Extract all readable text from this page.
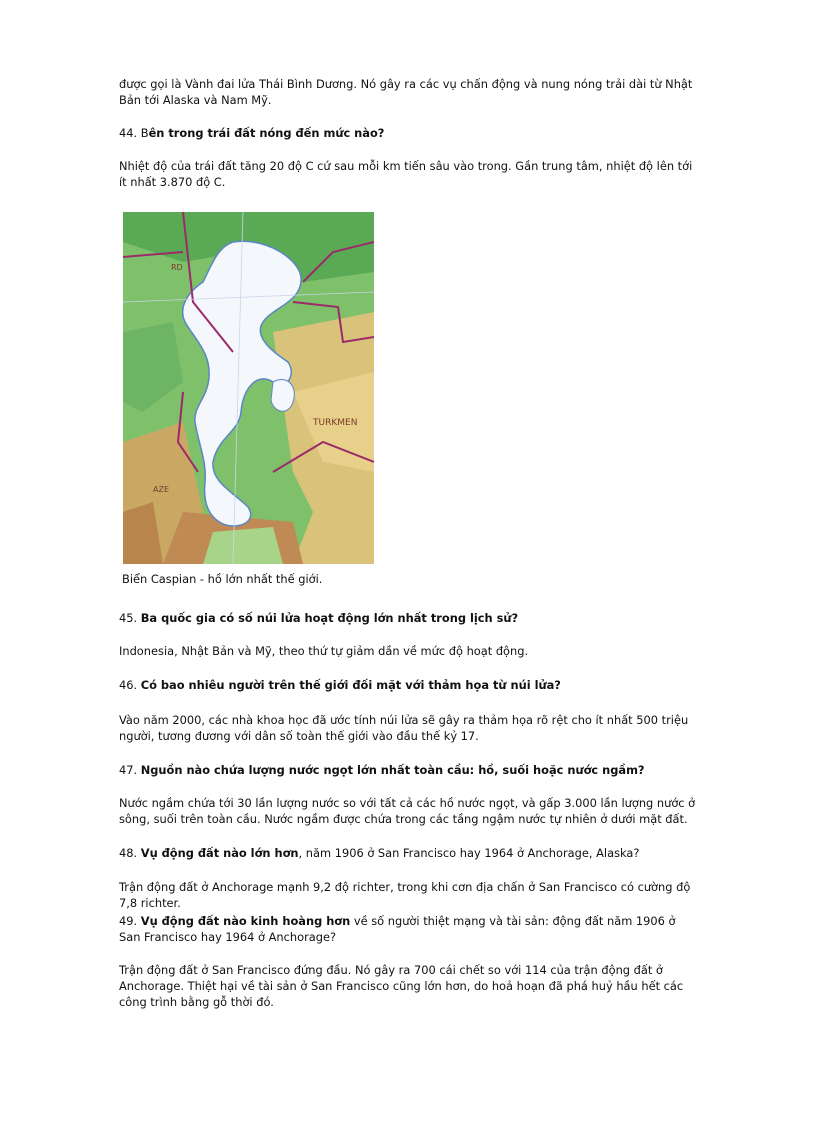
được gọi là Vành đai lửa Thái Bình Dương. Nó gây ra các vụ chấn động và nung nóng trải dài từ Nhật Bản tới Alaska và Nam Mỹ.

44. Bên trong trái đất nóng đến mức nào?

Nhiệt độ của trái đất tăng 20 độ C cứ sau mỗi km tiến sâu vào trong. Gần trung tâm, nhiệt độ lên tới ít nhất 3.870 độ C.

TURKMEN
AZE
RD

Biển Caspian - hồ lớn nhất thế giới.

45. Ba quốc gia có số núi lửa hoạt động lớn nhất trong lịch sử?

Indonesia, Nhật Bản và Mỹ, theo thứ tự giảm dần về mức độ hoạt động.

46. Có bao nhiêu người trên thế giới đối mặt với thảm họa từ núi lửa?

Vào năm 2000, các nhà khoa học đã ước tính núi lửa sẽ gây ra thảm họa rõ rệt cho ít nhất 500 triệu người, tương đương với dân số toàn thế giới vào đầu thế kỷ 17.

47. Nguồn nào chứa lượng nước ngọt lớn nhất toàn cầu: hồ, suối hoặc nước ngầm?

Nước ngầm chứa tới 30 lần lượng nước so với tất cả các hồ nước ngọt, và gấp 3.000 lần lượng nước ở sông, suối trên toàn cầu. Nước ngầm được chứa trong các tầng ngậm nước tự nhiên ở dưới mặt đất.

48. Vụ động đất nào lớn hơn, năm 1906 ở San Francisco hay 1964 ở Anchorage, Alaska?

Trận động đất ở Anchorage mạnh 9,2 độ richter, trong khi cơn địa chấn ở San Francisco có cường độ 7,8 richter.

49. Vụ động đất nào kinh hoàng hơn về số người thiệt mạng và tài sản: động đất năm 1906 ở San Francisco hay 1964 ở Anchorage?

Trận động đất ở San Francisco đứng đầu. Nó gây ra 700 cái chết so với 114 của trận động đất ở Anchorage. Thiệt hại về tài sản ở San Francisco cũng lớn hơn, do hoả hoạn đã phá huỷ hầu hết các công trình bằng gỗ thời đó.
